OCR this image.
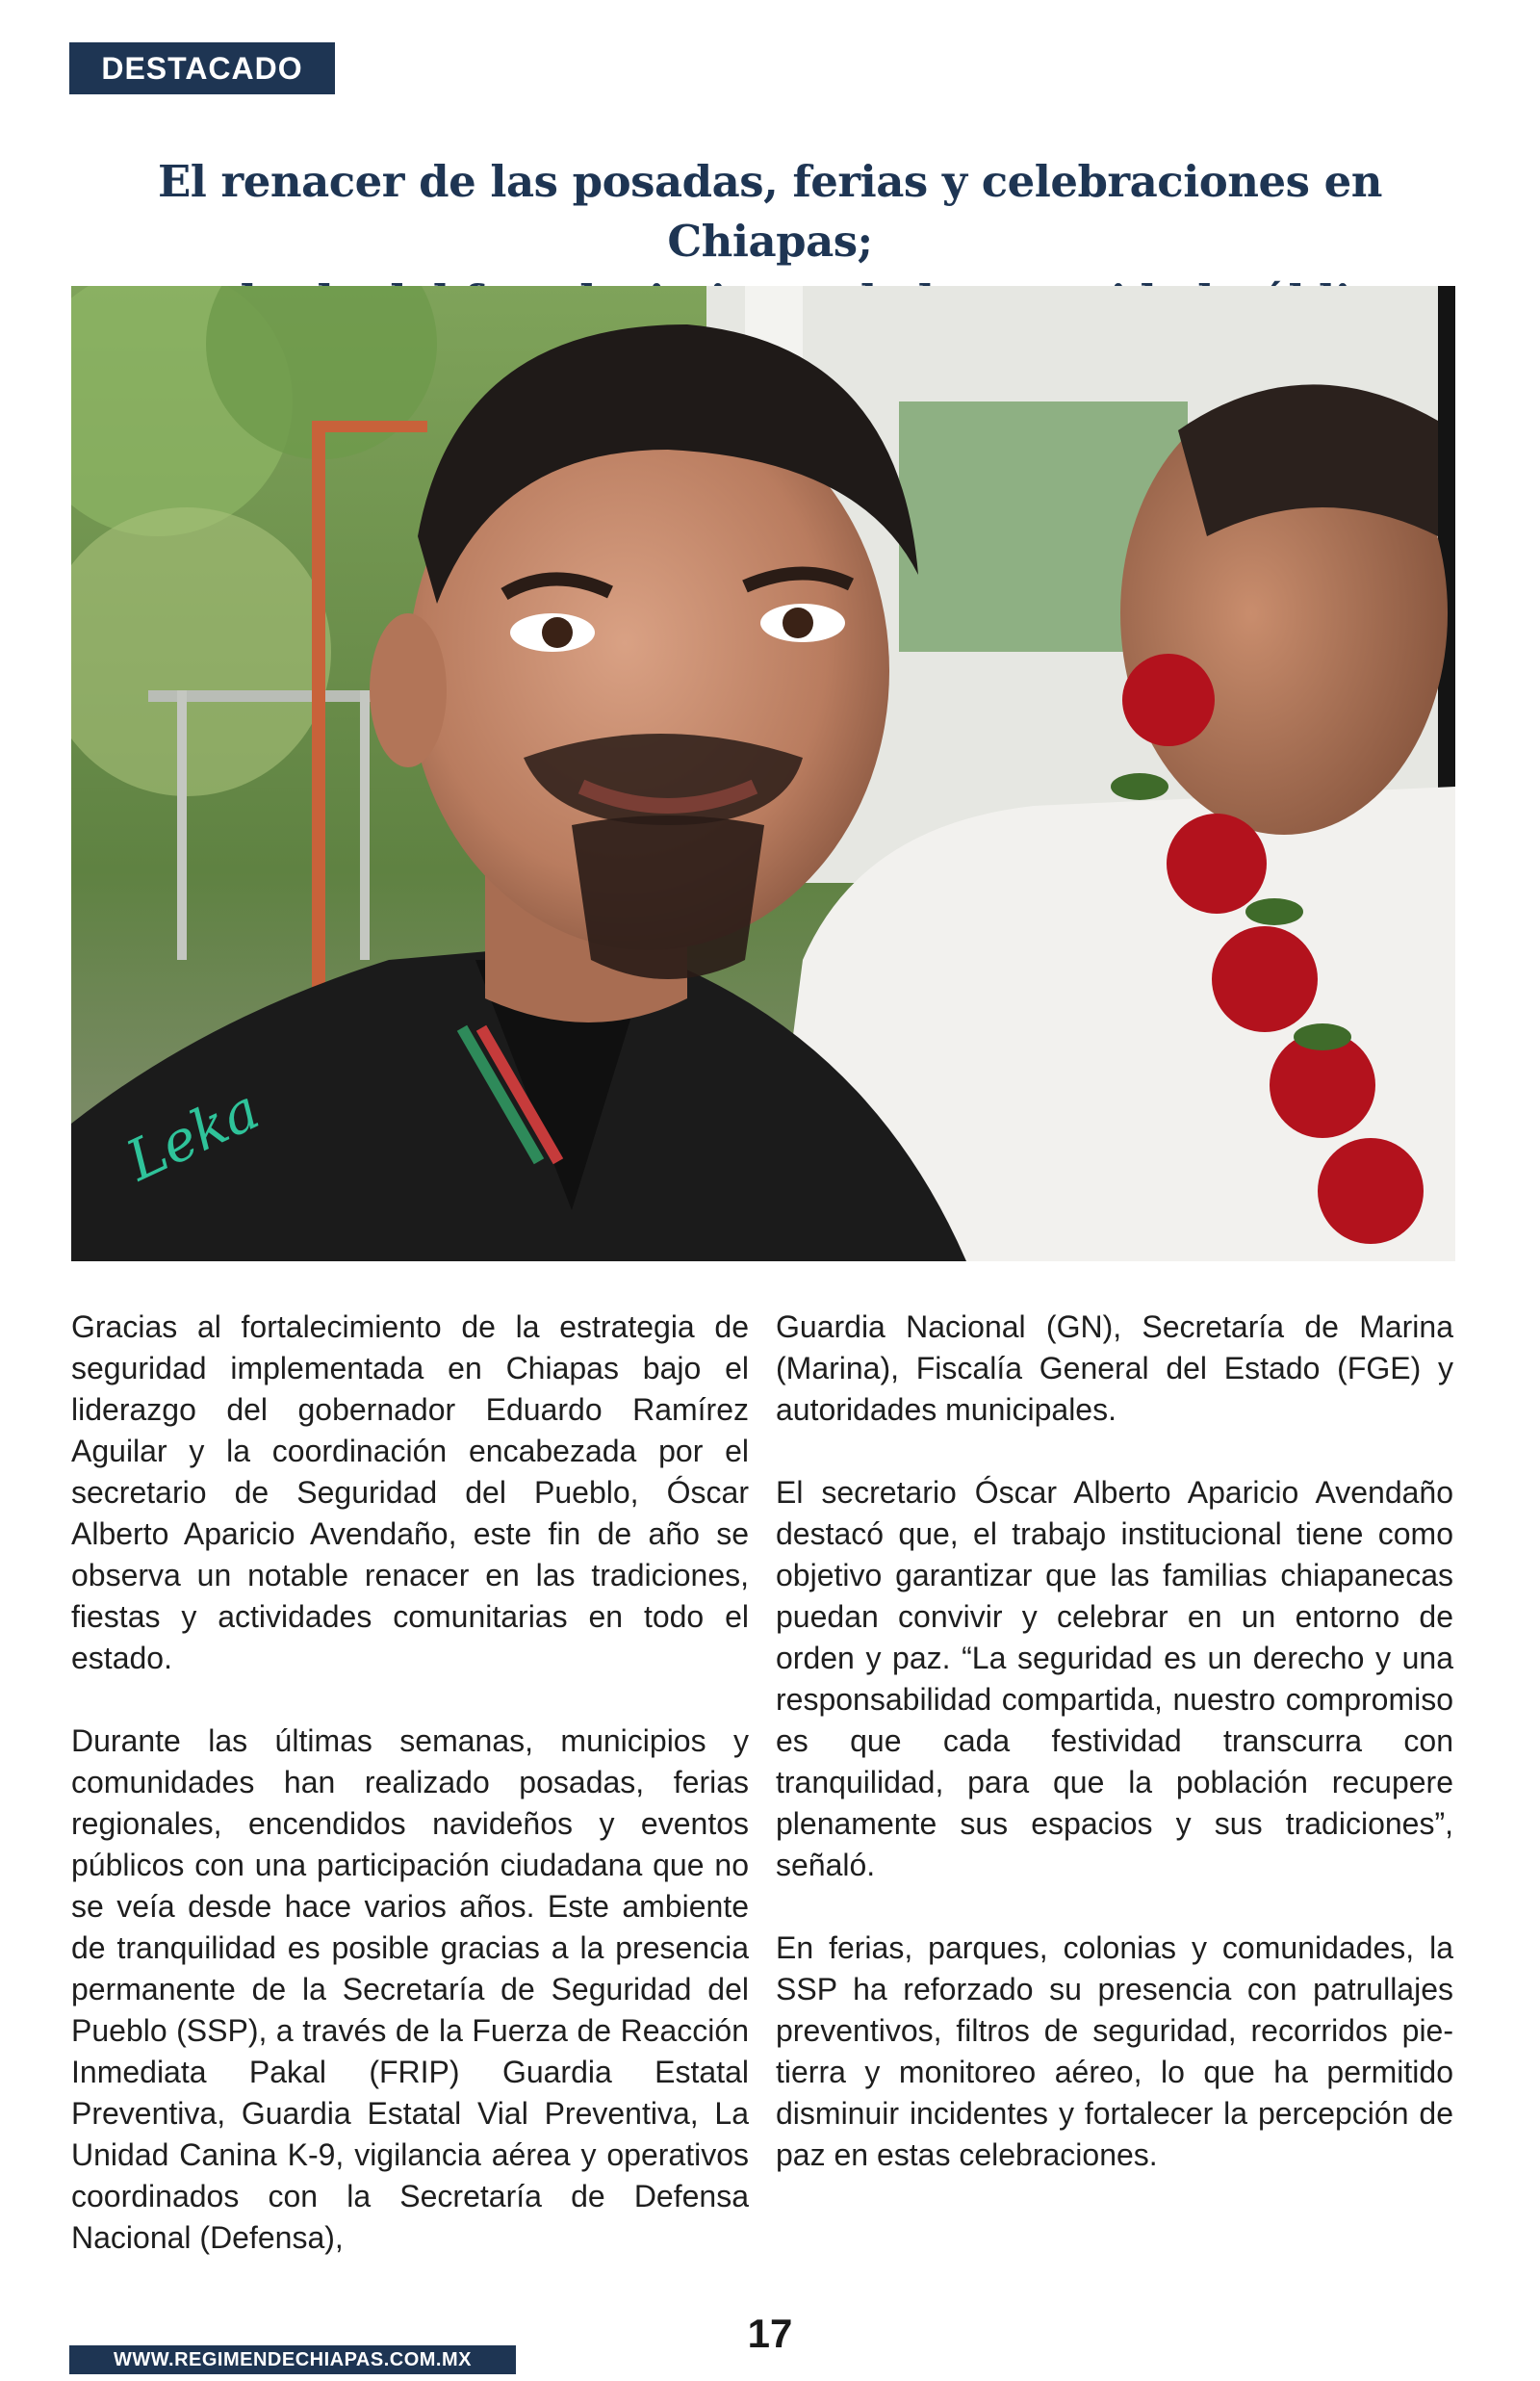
DESTACADO
El renacer de las posadas, ferias y celebraciones en Chiapas;
Leka

Gracias al fortalecimiento de la estrategia de seguridad implementada en Chiapas bajo el liderazgo del gobernador Eduardo Ramírez Aguilar y la coordinación encabezada por el secretario de Seguridad del Pueblo, Óscar Alberto Aparicio Avendaño, este fin de año se observa un notable renacer en las tradiciones, fiestas y actividades comunitarias en todo el estado.

Durante las últimas semanas, municipios y comunidades han realizado posadas, ferias regionales, encendidos navideños y eventos públicos con una participación ciudadana que no se veía desde hace varios años. Este ambiente de tranquilidad es posible gracias a la presencia permanente de la Secretaría de Seguridad del Pueblo (SSP), a través de la Fuerza de Reacción Inmediata Pakal (FRIP) Guardia Estatal Preventiva, Guardia Estatal Vial Preventiva, La Unidad Canina K-9, vigilancia aérea y operativos coordinados con la Secretaría de Defensa Nacional (Defensa),

Guardia Nacional (GN), Secretaría de Marina (Marina), Fiscalía General del Estado (FGE) y autoridades municipales.

El secretario Óscar Alberto Aparicio Avendaño destacó que, el trabajo institucional tiene como objetivo garantizar que las familias chiapanecas puedan convivir y celebrar en un entorno de orden y paz. “La seguridad es un derecho y una responsabilidad compartida, nuestro compromiso es que cada festividad transcurra con tranquilidad, para que la población recupere plenamente sus espacios y sus tradiciones”, señaló.

En ferias, parques, colonias y comunidades, la SSP ha reforzado su presencia con patrullajes preventivos, filtros de seguridad, recorridos pie-tierra y monitoreo aéreo, lo que ha permitido disminuir incidentes y fortalecer la percepción de paz en estas celebraciones.

WWW.REGIMENDECHIAPAS.COM.MX
17
